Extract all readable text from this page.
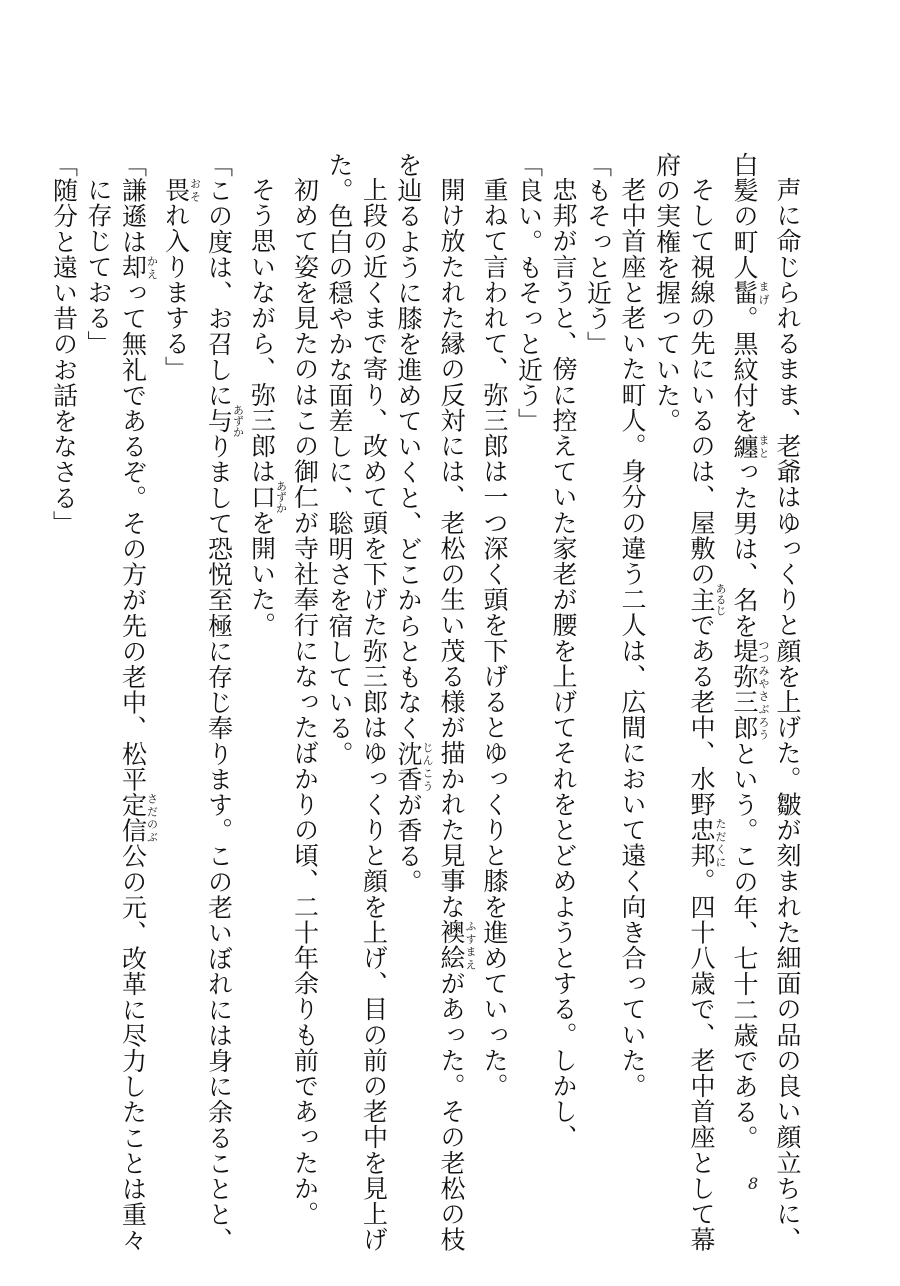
声に命じられるまま、老爺はゆっくりと顔を上げた。皺が刻まれた細面の品の良い顔立ちに、
白髪の町人髷まげ。黒紋付を纏まとった男は、名を堤弥三郎つつみやさぶろうという。この年、七十二歳である。
そして視線の先にいるのは、屋敷の主あるじである老中、水野忠邦ただくに。四十八歳で、老中首座として幕
府の実権を握っていた。
老中首座と老いた町人。身分の違う二人は、広間において遠く向き合っていた。
「もそっと近う」
忠邦が言うと、傍に控えていた家老が腰を上げてそれをとどめようとする。しかし、
「良い。もそっと近う」
重ねて言われて、弥三郎は一つ深く頭を下げるとゆっくりと膝を進めていった。
開け放たれた縁の反対には、老松の生い茂る様が描かれた見事な襖絵ふすまえがあった。その老松の枝
を辿るように膝を進めていくと、どこからともなく沈香じんこうが香る。
上段の近くまで寄り、改めて頭を下げた弥三郎はゆっくりと顔を上げ、目の前の老中を見上げ
た。色白の穏やかな面差しに、聡明さを宿している。
初めて姿を見たのはこの御仁が寺社奉行になったばかりの頃、二十年余りも前であったか。
そう思いながら、弥三郎は口あずかを開いた。
「この度は、お召しに与あずかりまして恐悦至極に存じ奉ります。この老いぼれには身に余ることと、
畏おそれ入りまする」
「謙遜は却かえって無礼であるぞ。その方が先の老中、松平定信さだのぶ公の元、改革に尽力したことは重々
に存じておる」
「随分と遠い昔のお話をなさる」
8
